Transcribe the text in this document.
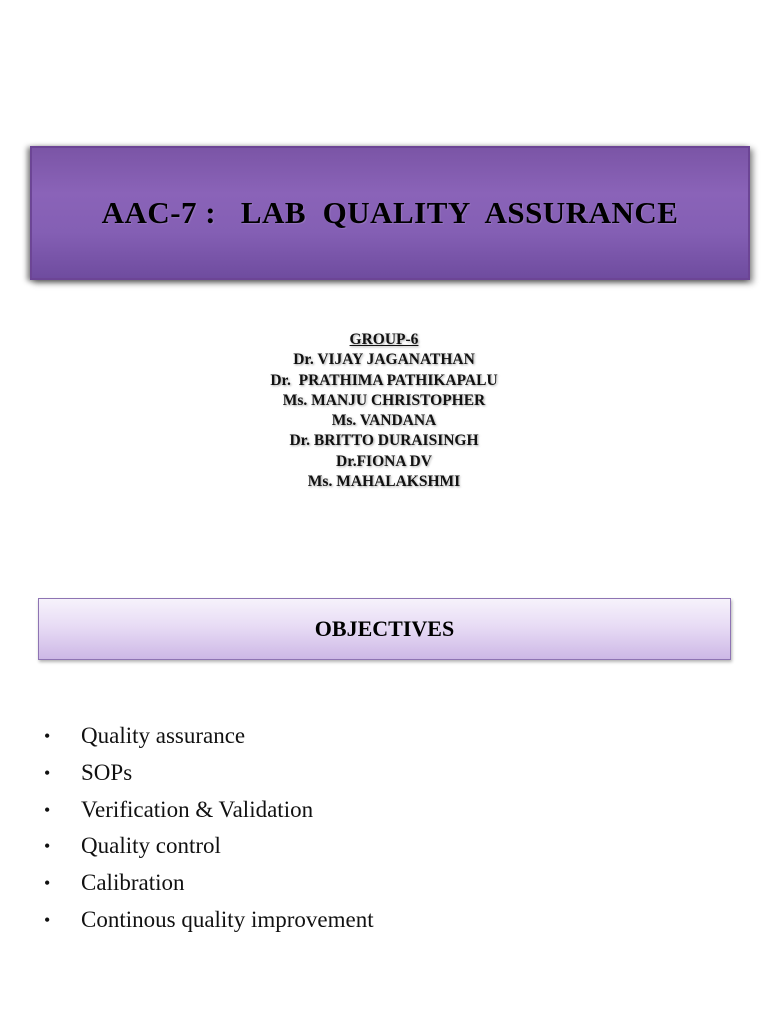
AAC-7 :   LAB  QUALITY  ASSURANCE
GROUP-6
Dr. VIJAY JAGANATHAN
Dr.  PRATHIMA PATHIKAPALU
Ms. MANJU CHRISTOPHER
Ms. VANDANA
Dr. BRITTO DURAISINGH
Dr.FIONA DV
Ms. MAHALAKSHMI
OBJECTIVES
•	Quality assurance
•	SOPs
•	Verification & Validation
•	Quality control
•	Calibration
•	Continous quality improvement
